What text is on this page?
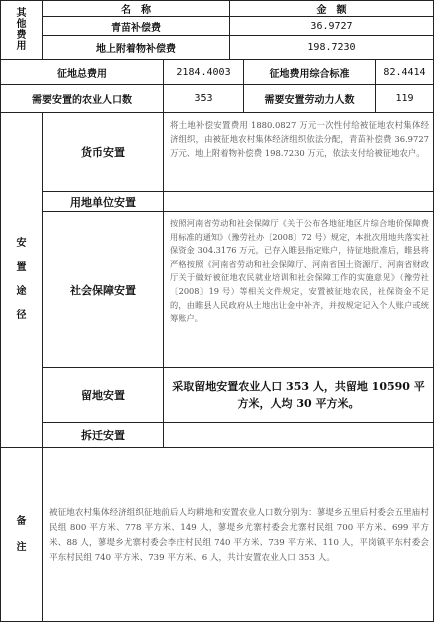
其
他
费
用	名　称		金　额		
	青苗补偿费		36.9727		
	地上附着物补偿费		198.7230		
征地总费用		2184.4003		征地费用综合标准	82.4414
需要安置的农业人口数		353		需要安置劳动力人数	119

安
置
途
径	货币安置	将土地补偿安置费用 1880.0827 万元一次性付给被征地农村集体经济组织，由被征地农村集体经济组织依法分配，青苗补偿费 36.9727 万元、地上附着物补偿费 198.7230 万元，依法支付给被征地农户。			
	用地单位安置				
	社会保障安置	按照河南省劳动和社会保障厅《关于公布各地征地区片综合地价保障费用标准的通知》（豫劳社办〔2008〕72 号）规定，本批次用地共落实社保资金 304.3176 万元，已存入睢县指定账户，待征地批准后，睢县将严格按照《河南省劳动和社会保障厅、河南省国土资源厅、河南省财政厅关于做好被征地农民就业培训和社会保障工作的实施意见》（豫劳社〔2008〕19 号）等相关文件规定，安置被征地农民，社保资金不足的，由睢县人民政府从土地出让金中补齐，并按规定记入个人账户或统筹账户。			
	留地安置	采取留地安置农业人口 353 人，共留地 10590 平方米，人均 30 平方米。			
	拆迁安置				

备
注	被征地农村集体经济组织征地前后人均耕地和安置农业人口数分别为：蓼堤乡五里后村委会五里庙村民组 800 平方米、778 平方米、149 人，蓼堤乡尤寨村委会尤寨村民组 700 平方米、699 平方米、88 人，蓼堤乡尤寨村委会李庄村民组 740 平方米、739 平方米、110 人，平岗镇平东村委会平东村民组 740 平方米、739 平方米、6 人，共计安置农业人口 353 人。				
